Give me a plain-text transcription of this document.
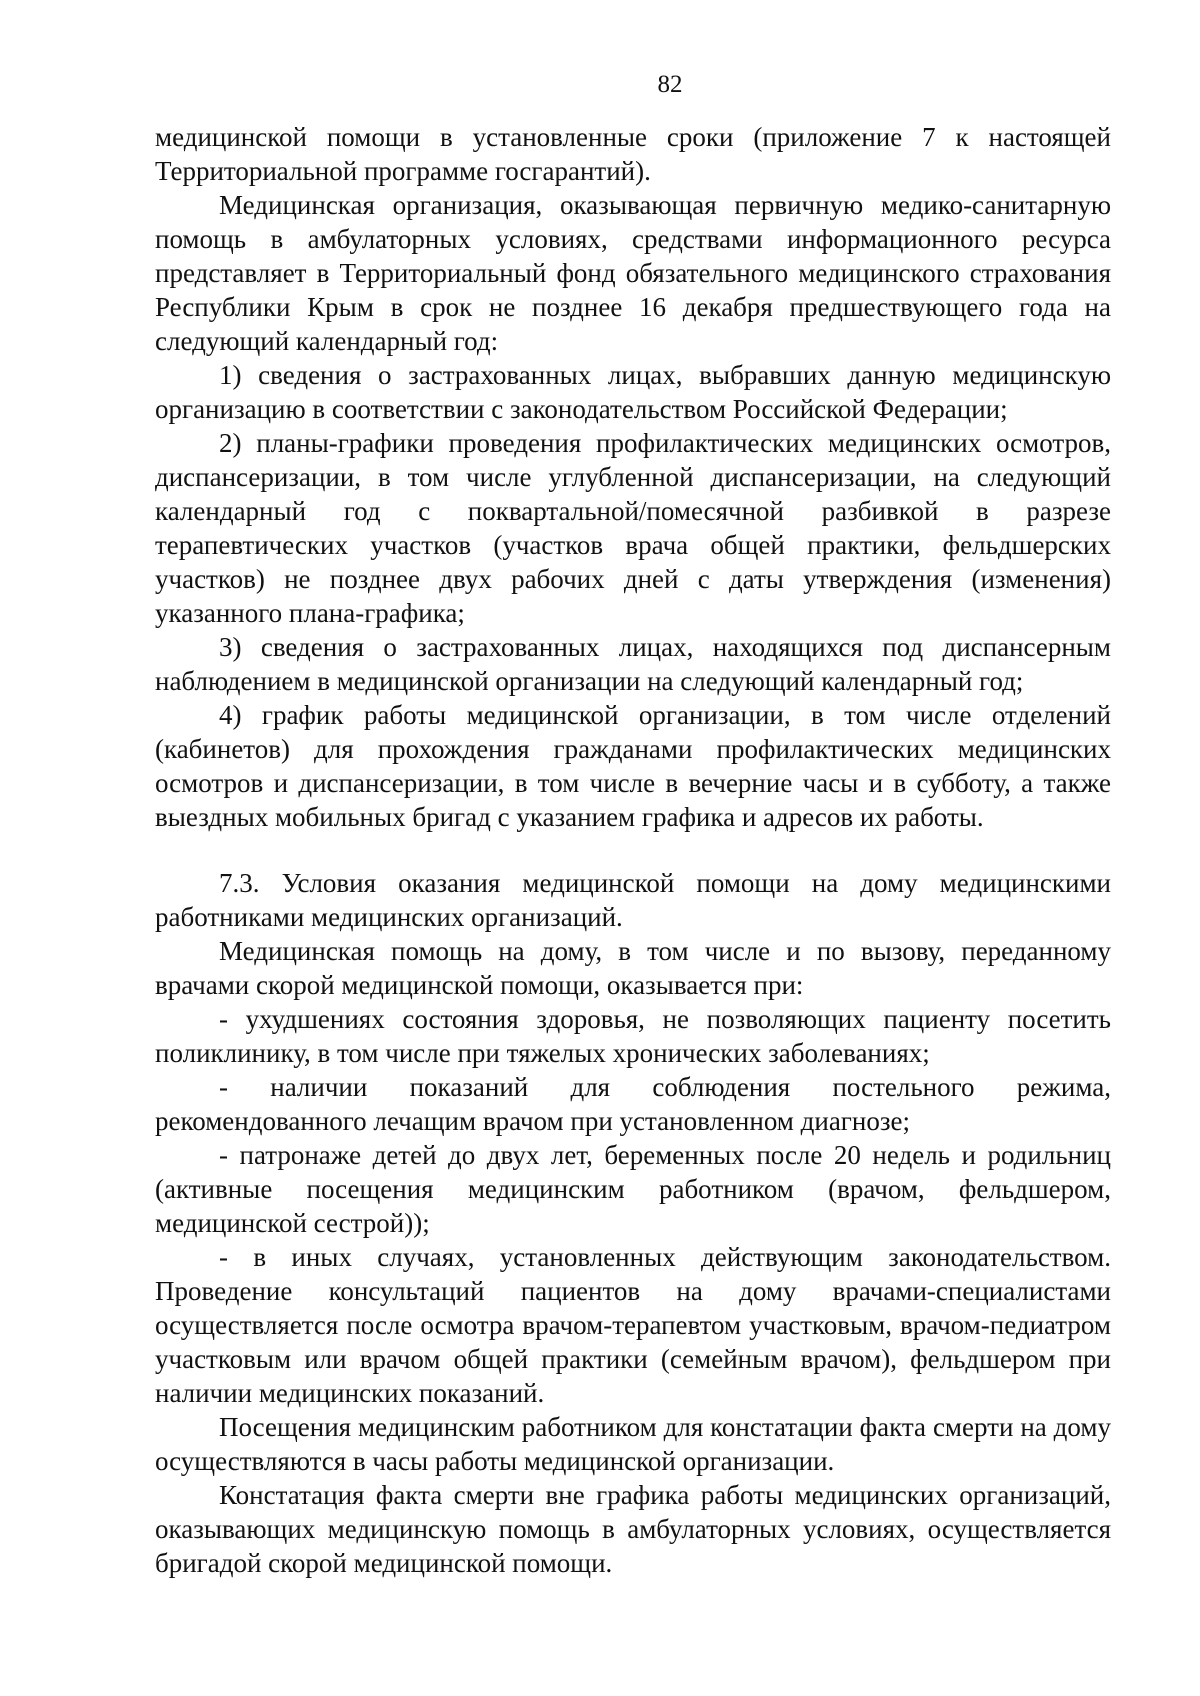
82

медицинской помощи в установленные сроки (приложение 7 к настоящей Территориальной программе госгарантий).

Медицинская организация, оказывающая первичную медико-санитарную помощь в амбулаторных условиях, средствами информационного ресурса представляет в Территориальный фонд обязательного медицинского страхования Республики Крым в срок не позднее 16 декабря предшествующего года на следующий календарный год:

1) сведения о застрахованных лицах, выбравших данную медицинскую организацию в соответствии с законодательством Российской Федерации;

2) планы-графики проведения профилактических медицинских осмотров, диспансеризации, в том числе углубленной диспансеризации, на следующий календарный год с поквартальной/помесячной разбивкой в разрезе терапевтических участков (участков врача общей практики, фельдшерских участков) не позднее двух рабочих дней с даты утверждения (изменения) указанного плана-графика;

3) сведения о застрахованных лицах, находящихся под диспансерным наблюдением в медицинской организации на следующий календарный год;

4) график работы медицинской организации, в том числе отделений (кабинетов) для прохождения гражданами профилактических медицинских осмотров и диспансеризации, в том числе в вечерние часы и в субботу, а также выездных мобильных бригад с указанием графика и адресов их работы.

7.3. Условия оказания медицинской помощи на дому медицинскими работниками медицинских организаций.

Медицинская помощь на дому, в том числе и по вызову, переданному врачами скорой медицинской помощи, оказывается при:

- ухудшениях состояния здоровья, не позволяющих пациенту посетить поликлинику, в том числе при тяжелых хронических заболеваниях;

- наличии показаний для соблюдения постельного режима, рекомендованного лечащим врачом при установленном диагнозе;

- патронаже детей до двух лет, беременных после 20 недель и родильниц (активные посещения медицинским работником (врачом, фельдшером, медицинской сестрой));

- в иных случаях, установленных действующим законодательством. Проведение консультаций пациентов на дому врачами-специалистами осуществляется после осмотра врачом-терапевтом участковым, врачом-педиатром участковым или врачом общей практики (семейным врачом), фельдшером при наличии медицинских показаний.

Посещения медицинским работником для констатации факта смерти на дому осуществляются в часы работы медицинской организации.

Констатация факта смерти вне графика работы медицинских организаций, оказывающих медицинскую помощь в амбулаторных условиях, осуществляется бригадой скорой медицинской помощи.
